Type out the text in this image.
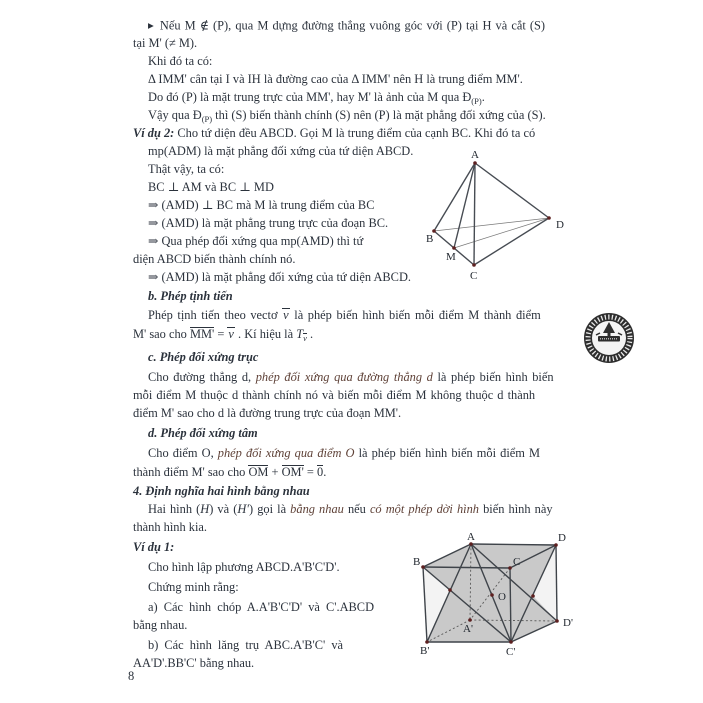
▶ Nếu M ∉ (P), qua M dựng đường thẳng vuông góc với (P) tại H và cắt (S)
tại M' (≠ M).
Khi đó ta có:
Δ IMM' cân tại I và IH là đường cao của Δ IMM' nên H là trung điểm MM'.
Do đó (P) là mặt trung trực của MM', hay M' là ảnh của M qua $Đ_{(P)}$.
Vậy qua $Đ_{(P)}$ thì (S) biến thành chính (S) nên (P) là mặt phẳng đối xứng của (S).
Ví dụ 2: Cho tứ diện đều ABCD. Gọi M là trung điểm của cạnh BC. Khi đó ta có
mp(ADM) là mặt phẳng đối xứng của tứ diện ABCD.
Thật vậy, ta có:
BC ⊥ AM và BC ⊥ MD
⇒ (AMD) ⊥ BC mà M là trung điểm của BC
⇒ (AMD) là mặt phẳng trung trực của đoạn BC.
⇒ Qua phép đối xứng qua mp(AMD) thì tứ
diện ABCD biến thành chính nó.
⇒ (AMD) là mặt phẳng đối xứng của tứ diện ABCD.
b. Phép tịnh tiến
Phép tịnh tiến theo vectơ v là phép biến hình biến mỗi điểm M thành điểm
M' sao cho MM' = v . Kí hiệu là Tv .
c. Phép đối xứng trục
Cho đường thẳng d, phép đối xứng qua đường thẳng d là phép biến hình biến
mỗi điểm M thuộc d thành chính nó và biến mỗi điểm M không thuộc d thành
điểm M' sao cho d là đường trung trực của đoạn MM'.
d. Phép đối xứng tâm
Cho điểm O, phép đối xứng qua điểm O là phép biến hình biến mỗi điểm M
thành điểm M' sao cho OM + OM' = 0.
4. Định nghĩa hai hình bằng nhau
Hai hình (H) và (H') gọi là bằng nhau nếu có một phép dời hình biến hình này
thành hình kia.
Ví dụ 1:
Cho hình lập phương ABCD.A'B'C'D'.
Chứng minh rằng:
a) Các hình chóp A.A'B'C'D' và C'.ABCD
bằng nhau.
b) Các hình lăng trụ ABC.A'B'C' và
AA'D'.BB'C' bằng nhau.
A
B
C
D
M
A	D
B	C
O
A'
B'	C'
D'
8
